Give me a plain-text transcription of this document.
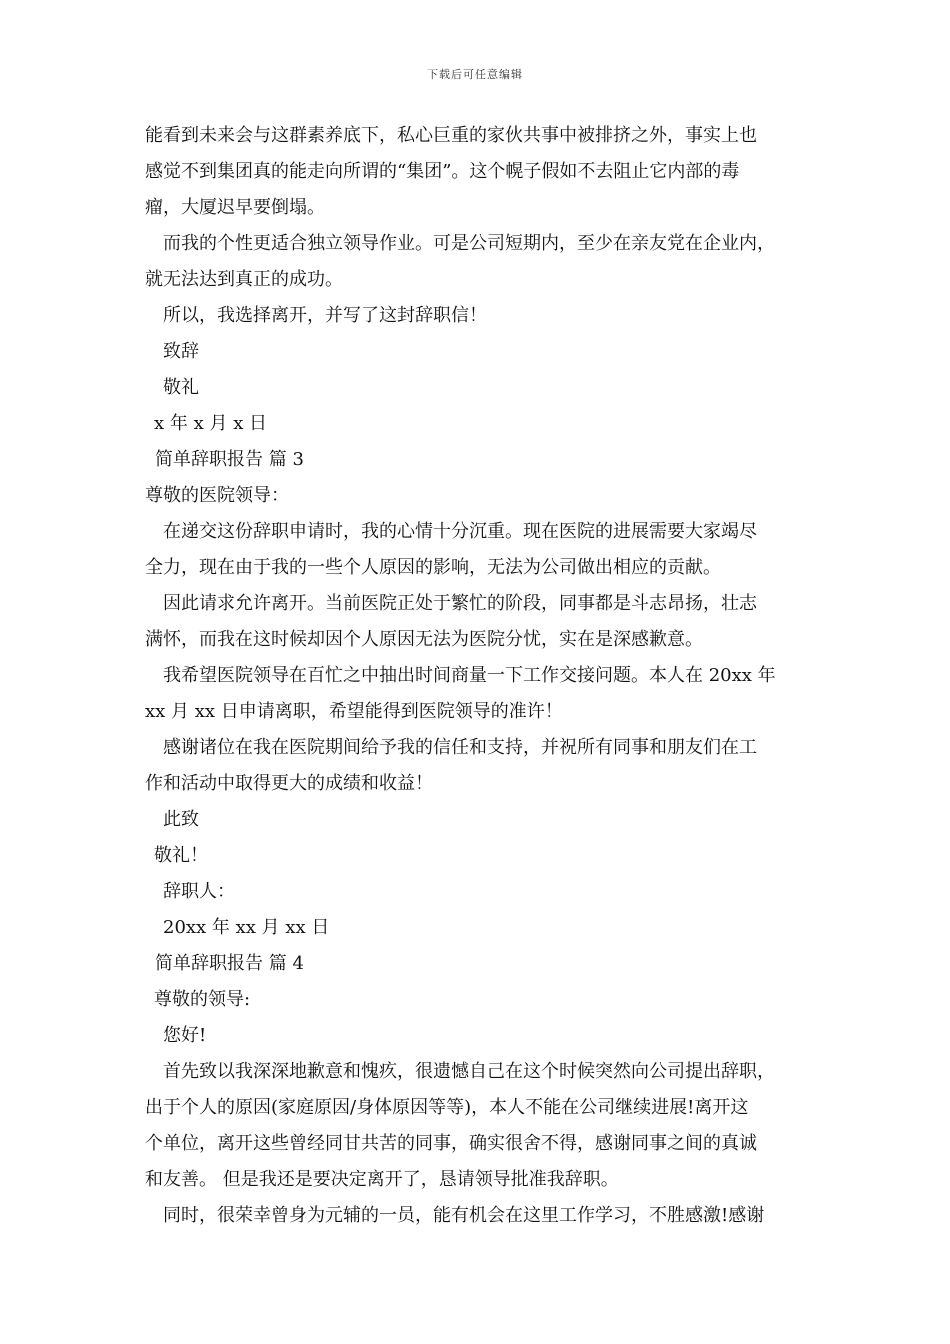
下载后可任意编辑
能看到未来会与这群素养底下，私心巨重的家伙共事中被排挤之外，事实上也
感觉不到集团真的能走向所谓的“集团”。这个幌子假如不去阻止它内部的毒
瘤，大厦迟早要倒塌。
而我的个性更适合独立领导作业。可是公司短期内，至少在亲友党在企业内，
就无法达到真正的成功。
所以，我选择离开，并写了这封辞职信！
致辞
敬礼
x 年 x 月 x 日
简单辞职报告 篇 3
尊敬的医院领导：
在递交这份辞职申请时，我的心情十分沉重。现在医院的进展需要大家竭尽
全力，现在由于我的一些个人原因的影响，无法为公司做出相应的贡献。
因此请求允许离开。当前医院正处于繁忙的阶段，同事都是斗志昂扬，壮志
满怀，而我在这时候却因个人原因无法为医院分忧，实在是深感歉意。
我希望医院领导在百忙之中抽出时间商量一下工作交接问题。本人在 20xx 年
xx 月 xx 日申请离职，希望能得到医院领导的准许！
感谢诸位在我在医院期间给予我的信任和支持，并祝所有同事和朋友们在工
作和活动中取得更大的成绩和收益！
此致
敬礼！
辞职人：
20xx 年 xx 月 xx 日
简单辞职报告 篇 4
尊敬的领导:
您好!
首先致以我深深地歉意和愧疚，很遗憾自己在这个时候突然向公司提出辞职，
出于个人的原因(家庭原因/身体原因等等)，本人不能在公司继续进展!离开这
个单位，离开这些曾经同甘共苦的同事，确实很舍不得，感谢同事之间的真诚
和友善。 但是我还是要决定离开了，恳请领导批准我辞职。
同时，很荣幸曾身为元辅的一员，能有机会在这里工作学习，不胜感激!感谢
